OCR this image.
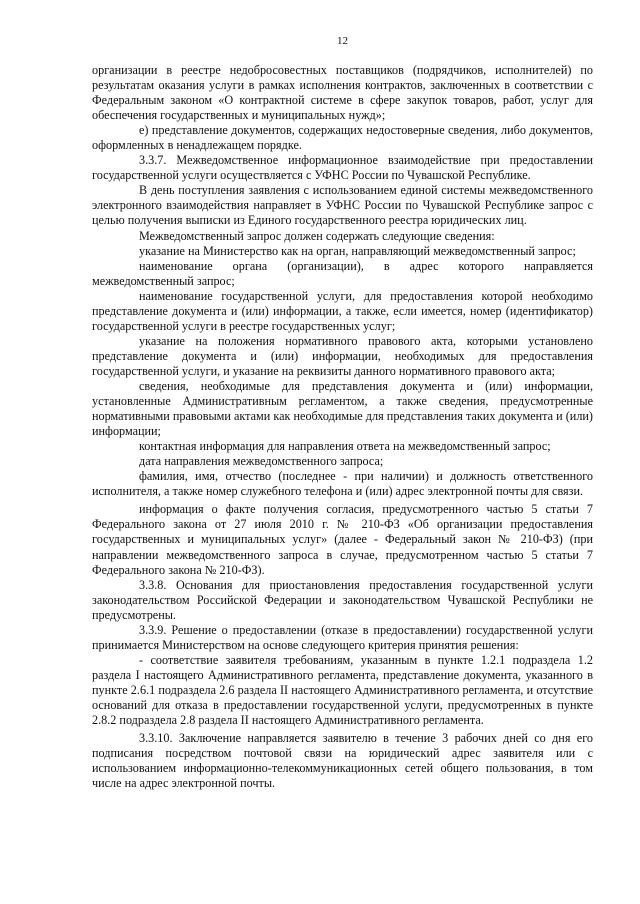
12

организации в реестре недобросовестных поставщиков (подрядчиков, исполнителей) по результатам оказания услуги в рамках исполнения контрактов, заключенных в соответствии с Федеральным законом «О контрактной системе в сфере закупок товаров, работ, услуг для обеспечения государственных и муниципальных нужд»;

е) представление документов, содержащих недостоверные сведения, либо документов, оформленных в ненадлежащем порядке.

3.3.7. Межведомственное информационное взаимодействие при предоставлении государственной услуги осуществляется с УФНС России по Чувашской Республике.

В день поступления заявления с использованием единой системы межведомственного электронного взаимодействия направляет в УФНС России по Чувашской Республике запрос с целью получения выписки из Единого государственного реестра юридических лиц.

Межведомственный запрос должен содержать следующие сведения:

указание на Министерство как на орган, направляющий межведомственный запрос;

наименование органа (организации), в адрес которого направляется межведомственный запрос;

наименование государственной услуги, для предоставления которой необходимо представление документа и (или) информации, а также, если имеется, номер (идентификатор) государственной услуги в реестре государственных услуг;

указание на положения нормативного правового акта, которыми установлено представление документа и (или) информации, необходимых для предоставления государственной услуги, и указание на реквизиты данного нормативного правового акта;

сведения, необходимые для представления документа и (или) информации, установленные Административным регламентом, а также сведения, предусмотренные нормативными правовыми актами как необходимые для представления таких документа и (или) информации;

контактная информация для направления ответа на межведомственный запрос;

дата направления межведомственного запроса;

фамилия, имя, отчество (последнее - при наличии) и должность ответственного исполнителя, а также номер служебного телефона и (или) адрес электронной почты для связи.

информация о факте получения согласия, предусмотренного частью 5 статьи 7 Федерального закона от 27 июля 2010 г. № 210-ФЗ «Об организации предоставления государственных и муниципальных услуг» (далее - Федеральный закон № 210-ФЗ) (при направлении межведомственного запроса в случае, предусмотренном частью 5 статьи 7 Федерального закона № 210-ФЗ).

3.3.8. Основания для приостановления предоставления государственной услуги законодательством Российской Федерации и законодательством Чувашской Республики не предусмотрены.

3.3.9. Решение о предоставлении (отказе в предоставлении) государственной услуги принимается Министерством на основе следующего критерия принятия решения:

- соответствие заявителя требованиям, указанным в пункте 1.2.1 подраздела 1.2 раздела I настоящего Административного регламента, представление документа, указанного в пункте 2.6.1 подраздела 2.6 раздела II настоящего Административного регламента, и отсутствие оснований для отказа в предоставлении государственной услуги, предусмотренных в пункте 2.8.2 подраздела 2.8 раздела II настоящего Административного регламента.

3.3.10. Заключение направляется заявителю в течение 3 рабочих дней со дня его подписания посредством почтовой связи на юридический адрес заявителя или с использованием информационно-телекоммуникационных сетей общего пользования, в том числе на адрес электронной почты.
